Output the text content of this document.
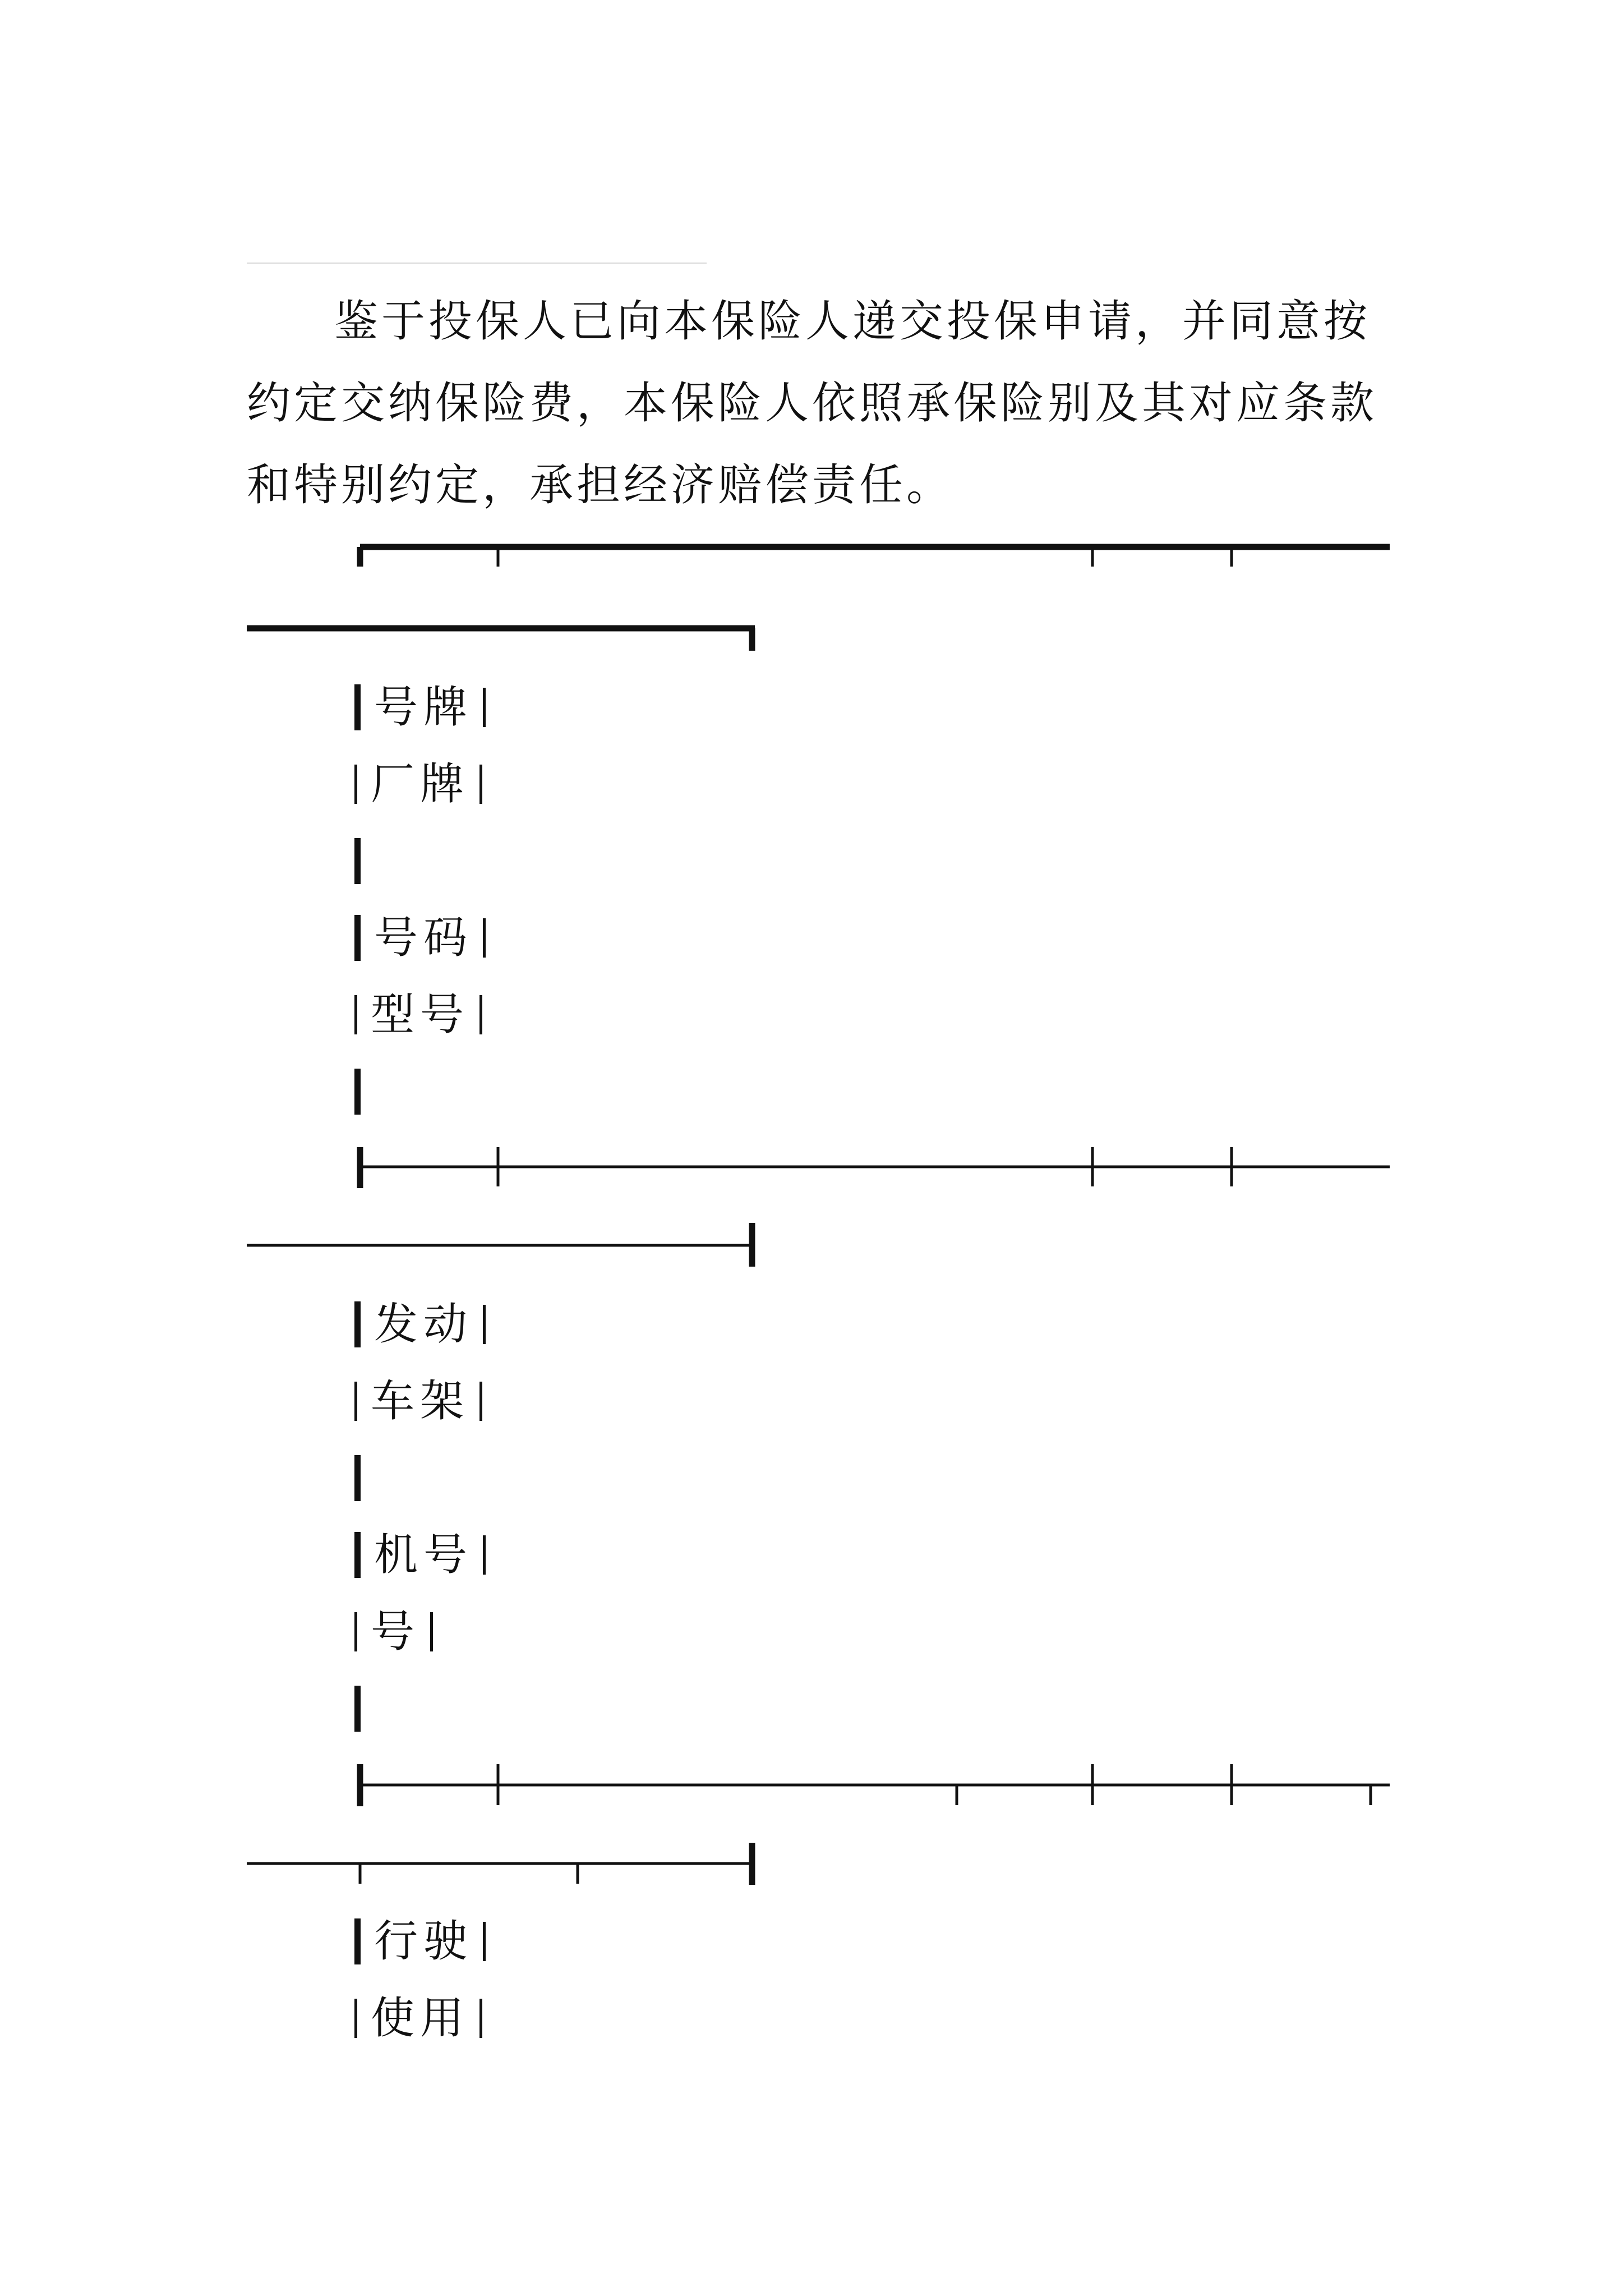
鉴于投保人已向本保险人递交投保申请，并同意按约定交纳保险费，本保险人依照承保险别及其对应条款和特别约定，承担经济赔偿责任。

号牌
厂牌
号码
型号
发动
车架
机号
号
行驶
使用
